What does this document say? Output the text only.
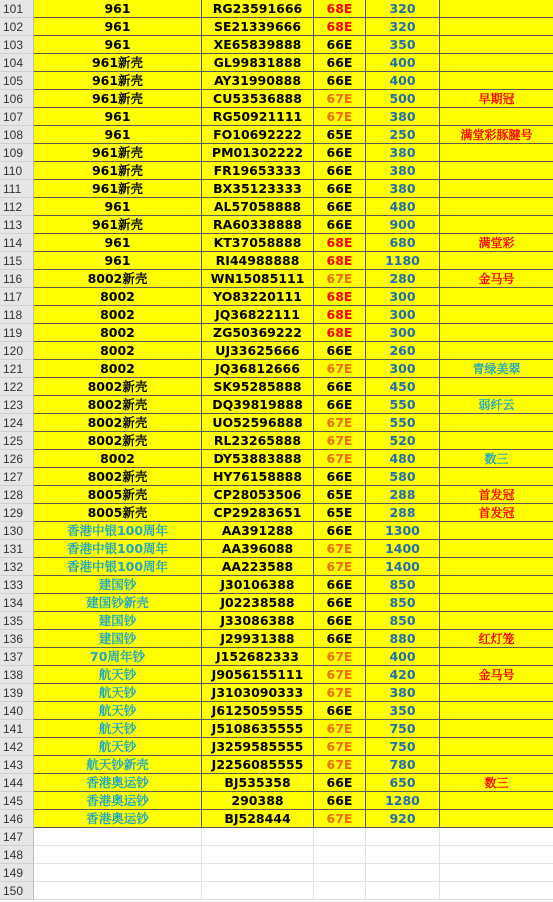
101	961	RG23591666	68E	320
102	961	SE21339666	68E	320
103	961	XE65839888	66E	350
104	961新壳	GL99831888	66E	400
105	961新壳	AY31990888	66E	400
106	961新壳	CU53536888	67E	500	早期冠
107	961	RG50921111	67E	380
108	961	FO10692222	65E	250	满堂彩豚腱号
109	961新壳	PM01302222	66E	380
110	961新壳	FR19653333	66E	380
111	961新壳	BX35123333	66E	380
112	961	AL57058888	66E	480
113	961新壳	RA60338888	66E	900
114	961	KT37058888	68E	680	满堂彩
115	961	RI44988888	68E	1180
116	8002新壳	WN15085111	67E	280	金马号
117	8002	YO83220111	68E	300
118	8002	JQ36822111	68E	300
119	8002	ZG50369222	68E	300
120	8002	UJ33625666	66E	260
121	8002	JQ36812666	67E	300	青绿美翠
122	8002新壳	SK95285888	66E	450
123	8002新壳	DQ39819888	66E	550	弱纤云
124	8002新壳	UO52596888	67E	550
125	8002新壳	RL23265888	67E	520
126	8002	DY53883888	67E	480	数三
127	8002新壳	HY76158888	66E	580
128	8005新壳	CP28053506	65E	288	首发冠
129	8005新壳	CP29283651	65E	288	首发冠
130	香港中银100周年	AA391288	66E	1300
131	香港中银100周年	AA396088	67E	1400
132	香港中银100周年	AA223588	67E	1400
133	建国钞	J30106388	66E	850
134	建国钞新壳	J02238588	66E	850
135	建国钞	J33086388	66E	850
136	建国钞	J29931388	66E	880	红灯笼
137	70周年钞	J152682333	67E	400
138	航天钞	J9056155111	67E	420	金马号
139	航天钞	J3103090333	67E	380
140	航天钞	J6125059555	66E	350
141	航天钞	J5108635555	67E	750
142	航天钞	J3259585555	67E	750
143	航天钞新壳	J2256085555	67E	780
144	香港奥运钞	BJ535358	66E	650	数三
145	香港奥运钞	290388	66E	1280
146	香港奥运钞	BJ528444	67E	920
147
148
149
150
